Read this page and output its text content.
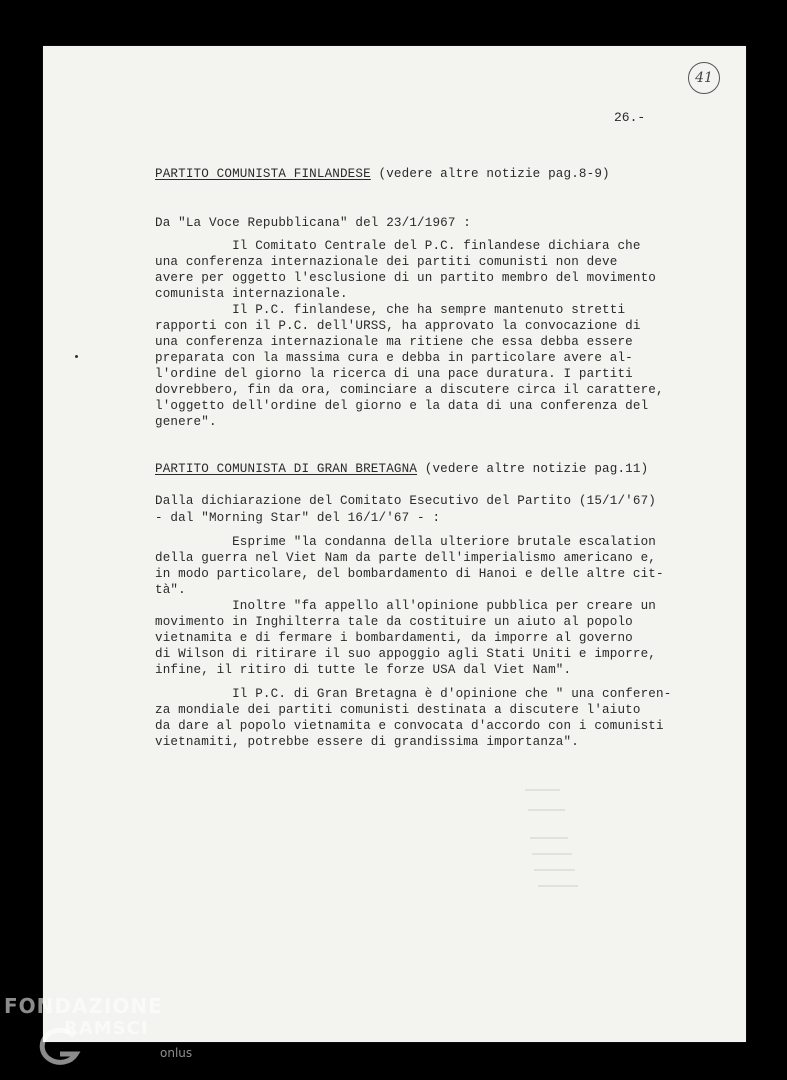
41
26.-
PARTITO COMUNISTA FINLANDESE (vedere altre notizie pag.8-9)
Da "La Voce Repubblicana" del 23/1/1967 :
Il Comitato Centrale del P.C. finlandese dichiara che
una conferenza internazionale dei partiti comunisti non deve
avere per oggetto l'esclusione di un partito membro del movimento
comunista internazionale.
Il P.C. finlandese, che ha sempre mantenuto stretti
rapporti con il P.C. dell'URSS, ha approvato la convocazione di
una conferenza internazionale ma ritiene che essa debba essere
preparata con la massima cura e debba in particolare avere al-
l'ordine del giorno la ricerca di una pace duratura. I partiti
dovrebbero, fin da ora, cominciare a discutere circa il carattere,
l'oggetto dell'ordine del giorno e la data di una conferenza del
genere".
PARTITO COMUNISTA DI GRAN BRETAGNA (vedere altre notizie pag.11)
Dalla dichiarazione del Comitato Esecutivo del Partito (15/1/'67)
- dal "Morning Star" del 16/1/'67 - :
Esprime "la condanna della ulteriore brutale escalation
della guerra nel Viet Nam da parte dell'imperialismo americano e,
in modo particolare, del bombardamento di Hanoi e delle altre cit-
tà".
Inoltre "fa appello all'opinione pubblica per creare un
movimento in Inghilterra tale da costituire un aiuto al popolo
vietnamita e di fermare i bombardamenti, da imporre al governo
di Wilson di ritirare il suo appoggio agli Stati Uniti e imporre,
infine, il ritiro di tutte le forze USA dal Viet Nam".
Il P.C. di Gran Bretagna è d'opinione che " una conferen-
za mondiale dei partiti comunisti destinata a discutere l'aiuto
da dare al popolo vietnamita e convocata d'accordo con i comunisti
vietnamiti, potrebbe essere di grandissima importanza".
FONDAZIONE
RAMSCI
onlus
